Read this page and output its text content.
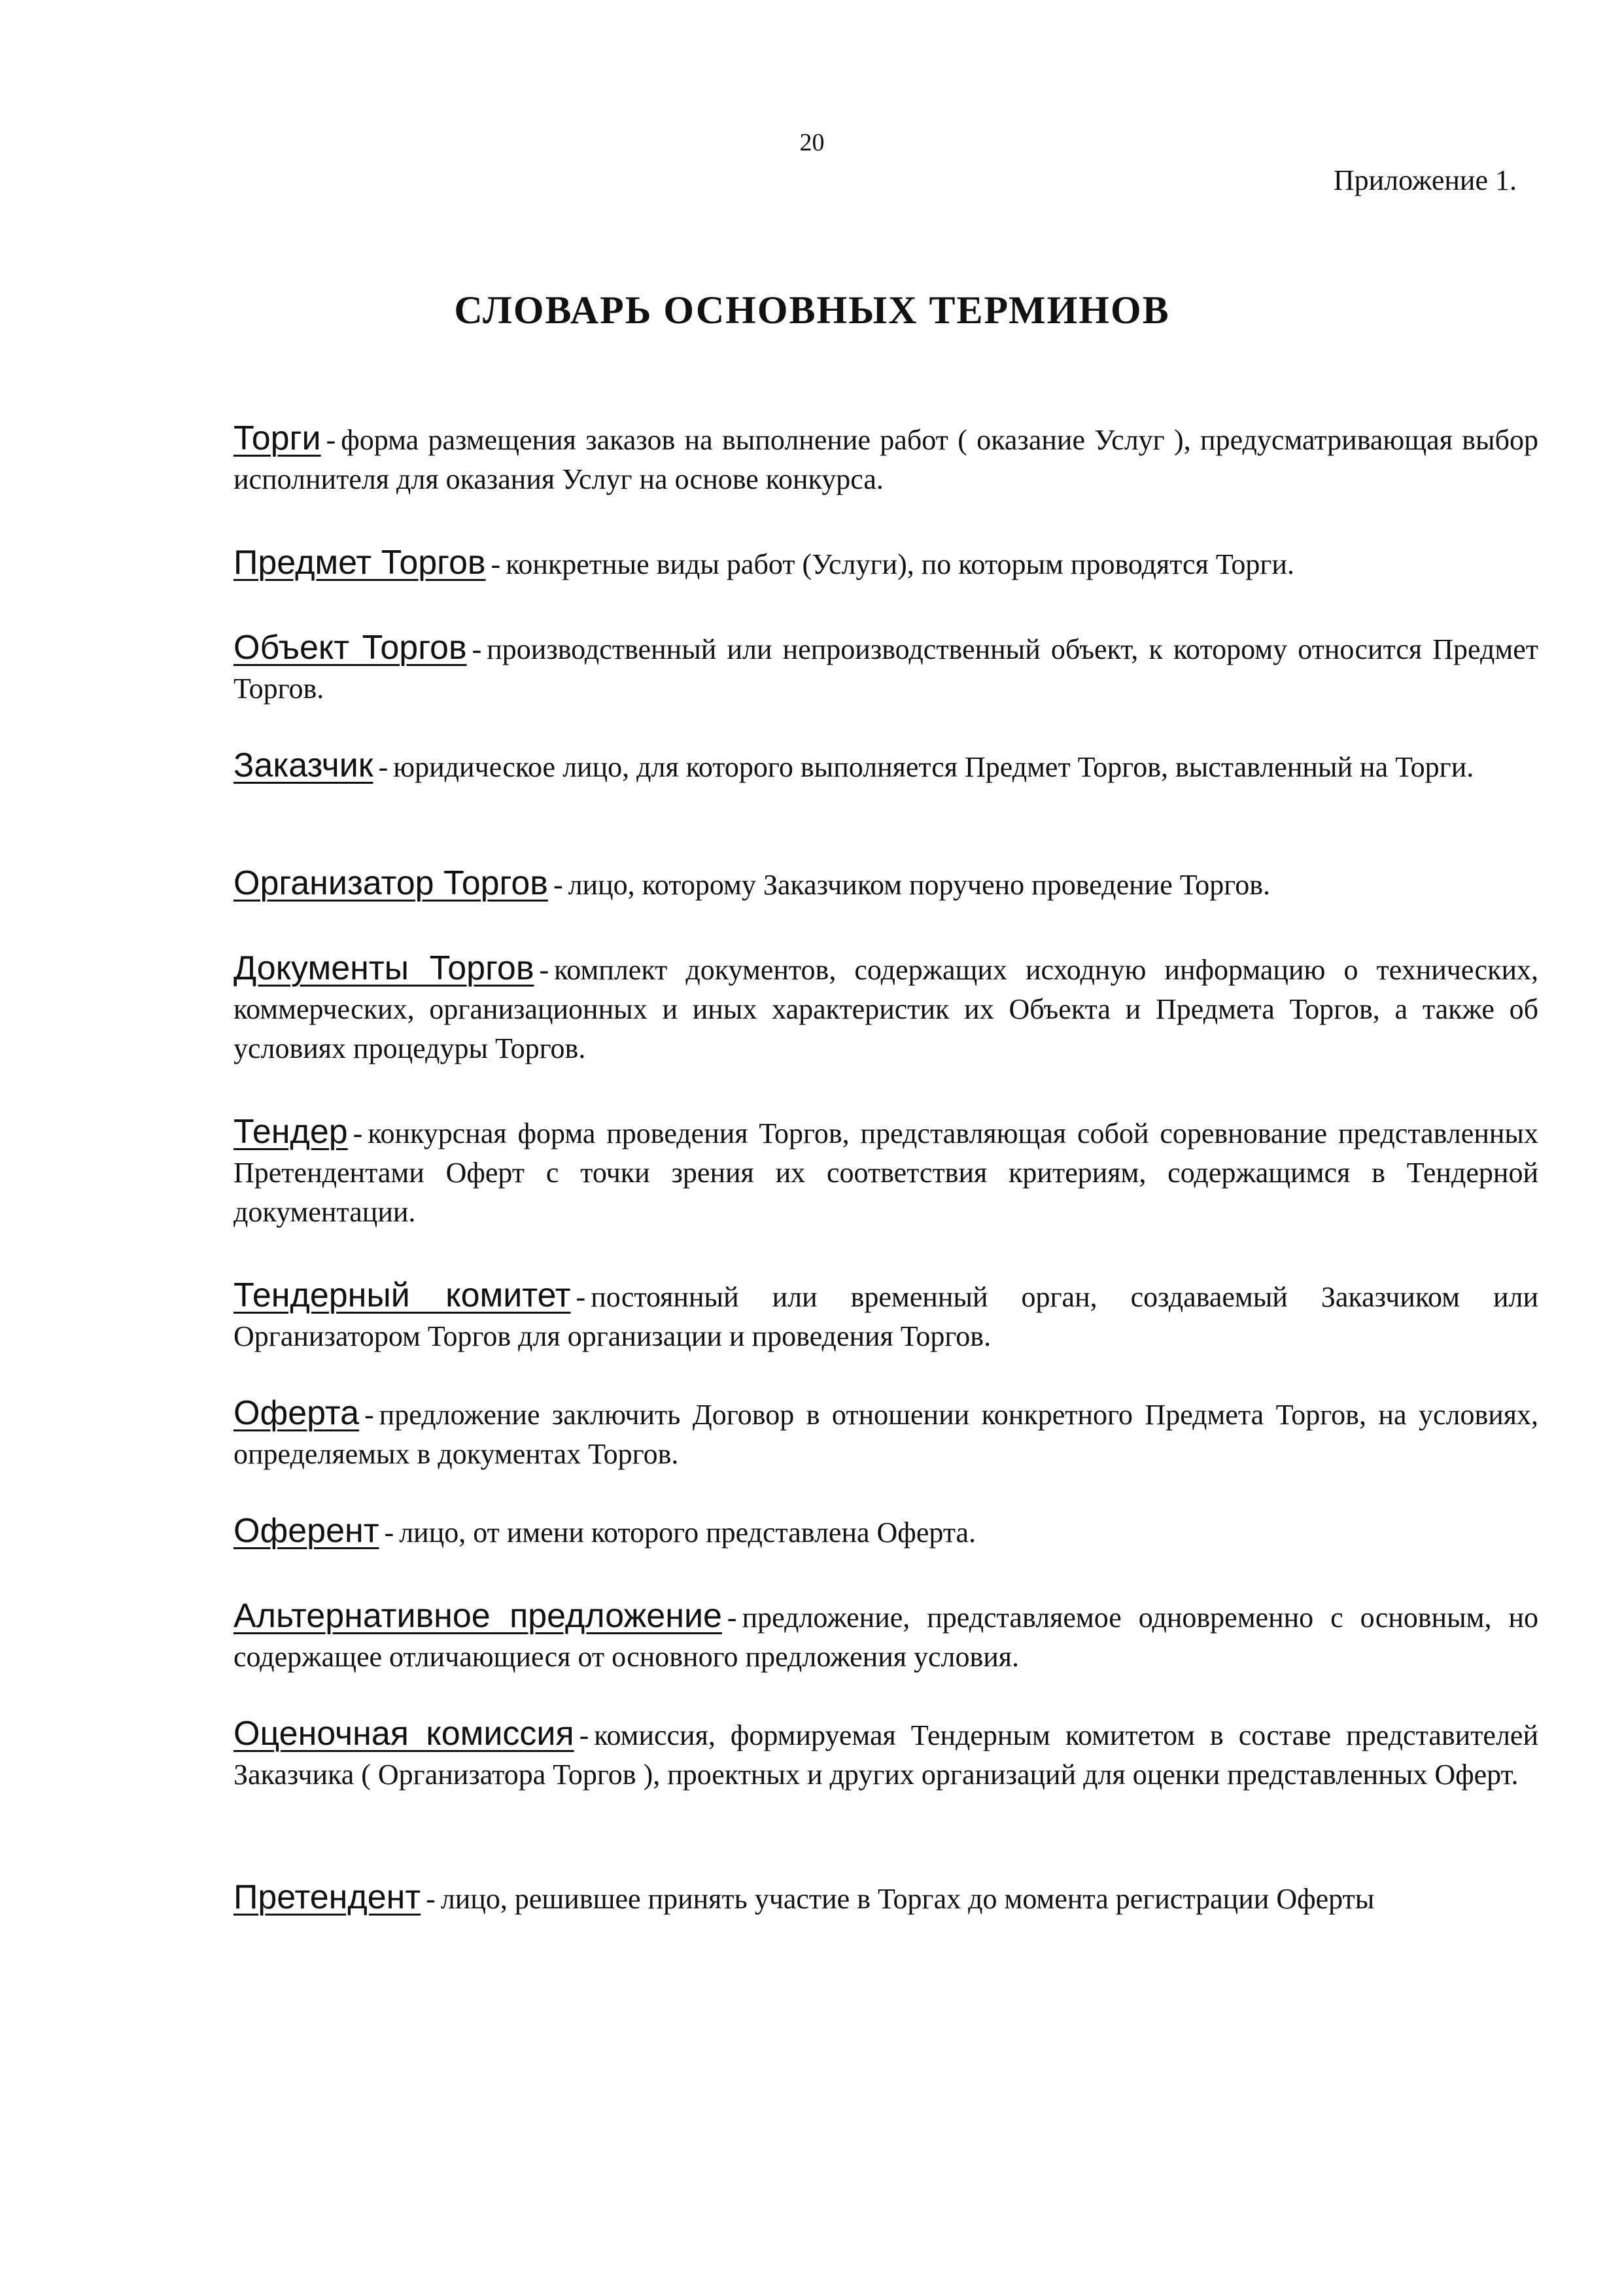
20
Приложение 1.
СЛОВАРЬ ОСНОВНЫХ ТЕРМИНОВ

Торги - форма размещения заказов на выполнение работ ( оказание Услуг ), предусматривающая выбор исполнителя для оказания Услуг на основе конкурса.

Предмет Торгов - конкретные виды работ (Услуги), по которым проводятся Торги.

Объект Торгов - производственный или непроизводственный объект, к которому относится Предмет Торгов.

Заказчик - юридическое лицо, для которого выполняется Предмет Торгов, выставленный на Торги.

Организатор Торгов - лицо, которому Заказчиком поручено проведение Торгов.

Документы Торгов - комплект документов, содержащих исходную информацию о технических, коммерческих, организационных и иных характеристик их Объекта и Предмета Торгов, а также об условиях процедуры Торгов.

Тендер - конкурсная форма проведения Торгов, представляющая собой соревнование представленных Претендентами Оферт с точки зрения их соответствия критериям, содержащимся в Тендерной документации.

Тендерный комитет - постоянный или временный орган, создаваемый Заказчиком или Организатором Торгов для организации и проведения Торгов.

Оферта - предложение заключить Договор в отношении конкретного Предмета Торгов, на условиях, определяемых в документах Торгов.

Оферент - лицо, от имени которого представлена Оферта.

Альтернативное предложение - предложение, представляемое одновременно с основным, но содержащее отличающиеся от основного предложения условия.

Оценочная комиссия - комиссия, формируемая Тендерным комитетом в составе представителей Заказчика ( Организатора Торгов ), проектных и других организаций для оценки представленных Оферт.

Претендент - лицо, решившее принять участие в Торгах до момента регистрации Оферты
